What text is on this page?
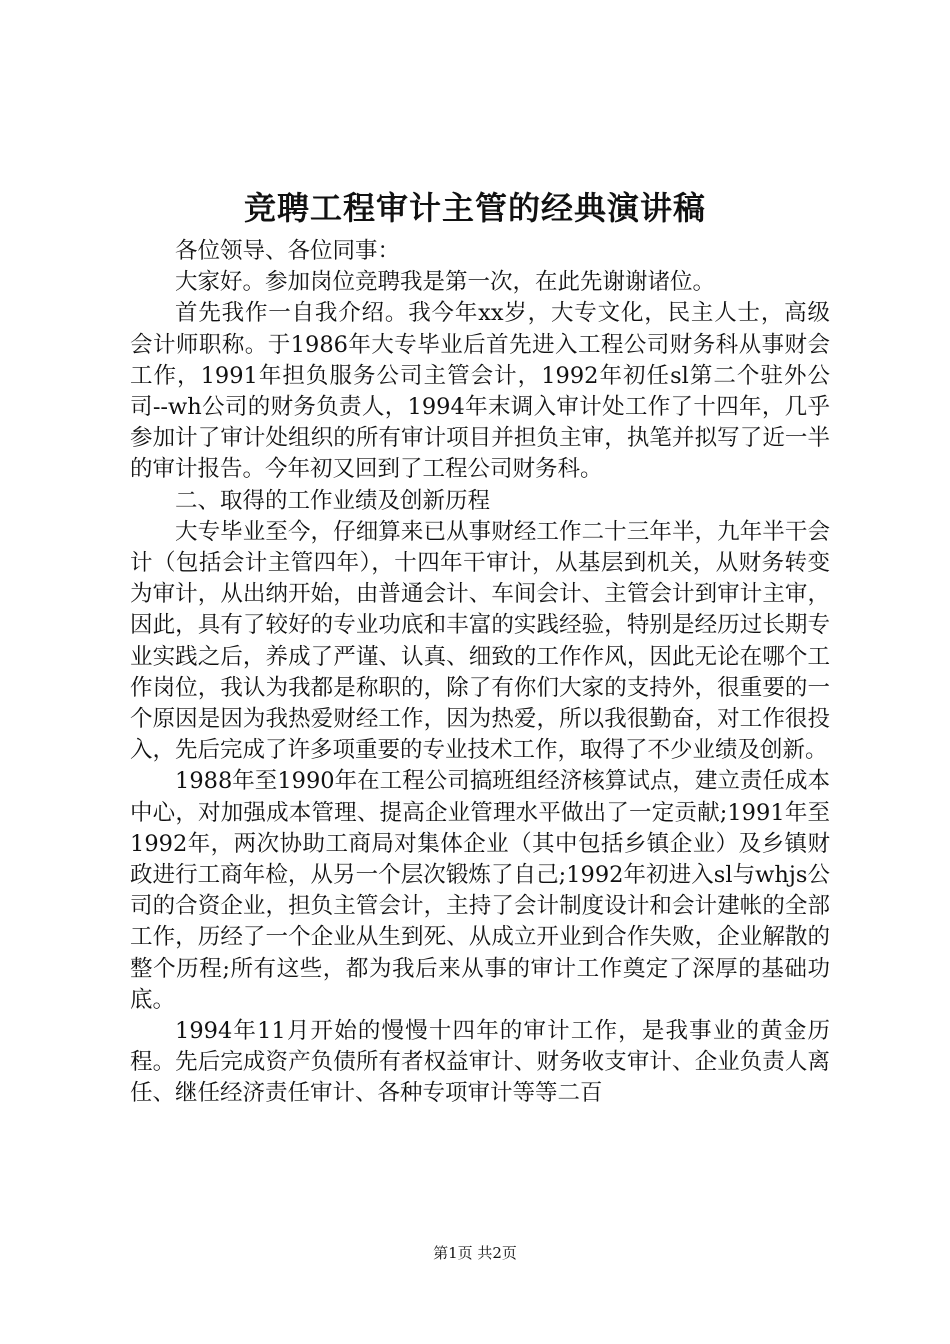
竞聘工程审计主管的经典演讲稿

各位领导、各位同事：

大家好。参加岗位竞聘我是第一次，在此先谢谢诸位。

首先我作一自我介绍。我今年xx岁，大专文化，民主人士，高级会计师职称。于1986年大专毕业后首先进入工程公司财务科从事财会工作，1991年担负服务公司主管会计，1992年初任sl第二个驻外公司--wh公司的财务负责人，1994年末调入审计处工作了十四年，几乎参加计了审计处组织的所有审计项目并担负主审，执笔并拟写了近一半的审计报告。今年初又回到了工程公司财务科。

二、取得的工作业绩及创新历程

大专毕业至今，仔细算来已从事财经工作二十三年半，九年半干会计（包括会计主管四年），十四年干审计，从基层到机关，从财务转变为审计，从出纳开始，由普通会计、车间会计、主管会计到审计主审，因此，具有了较好的专业功底和丰富的实践经验，特别是经历过长期专业实践之后，养成了严谨、认真、细致的工作作风，因此无论在哪个工作岗位，我认为我都是称职的，除了有你们大家的支持外，很重要的一个原因是因为我热爱财经工作，因为热爱，所以我很勤奋，对工作很投入，先后完成了许多项重要的专业技术工作，取得了不少业绩及创新。

1988年至1990年在工程公司搞班组经济核算试点，建立责任成本中心，对加强成本管理、提高企业管理水平做出了一定贡献;1991年至1992年，两次协助工商局对集体企业（其中包括乡镇企业）及乡镇财政进行工商年检，从另一个层次锻炼了自己;1992年初进入sl与whjs公司的合资企业，担负主管会计，主持了会计制度设计和会计建帐的全部工作，历经了一个企业从生到死、从成立开业到合作失败，企业解散的整个历程;所有这些，都为我后来从事的审计工作奠定了深厚的基础功底。

1994年11月开始的慢慢十四年的审计工作，是我事业的黄金历程。先后完成资产负债所有者权益审计、财务收支审计、企业负责人离任、继任经济责任审计、各种专项审计等等二百

第1页 共2页
